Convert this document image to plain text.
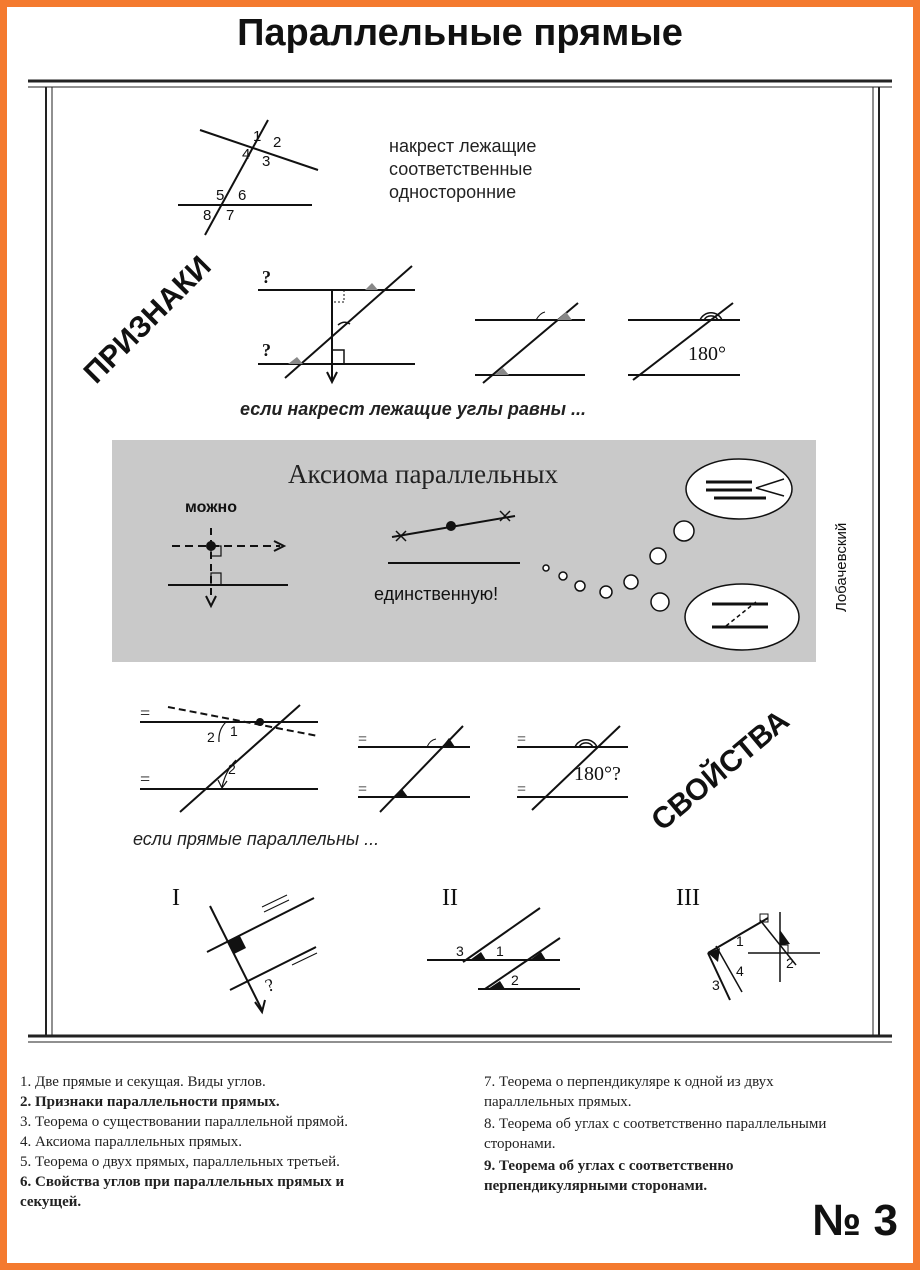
Параллельные прямые
1 2
3
4
5 6
7
8
накрест лежащие
соответственные
односторонние
ПРИЗНАКИ ?
?	180°
если накрест лежащие углы равны ...
Аксиома параллельных
можно
единственную!	Лобачевский
=
=
2 1
2
=
=
=
=
180°? СВОЙСТВА
если прямые параллельны ...
I	II	III
?
3 1
2
1
2
3
4
1. Две прямые и секущая. Виды углов.
2. Признаки параллельности прямых.
3. Теорема о существовании параллельной прямой.
4. Аксиома параллельных прямых.
5. Теорема о двух прямых, параллельных третьей.
6. Свойства углов при параллельных прямых и секущей.
7. Теорема о перпендикуляре к одной из двух параллельных прямых.
8. Теорема об углах с соответственно параллельными сторонами.
9. Теорема об углах с соответственно перпендикулярными сторонами.
№ 3
